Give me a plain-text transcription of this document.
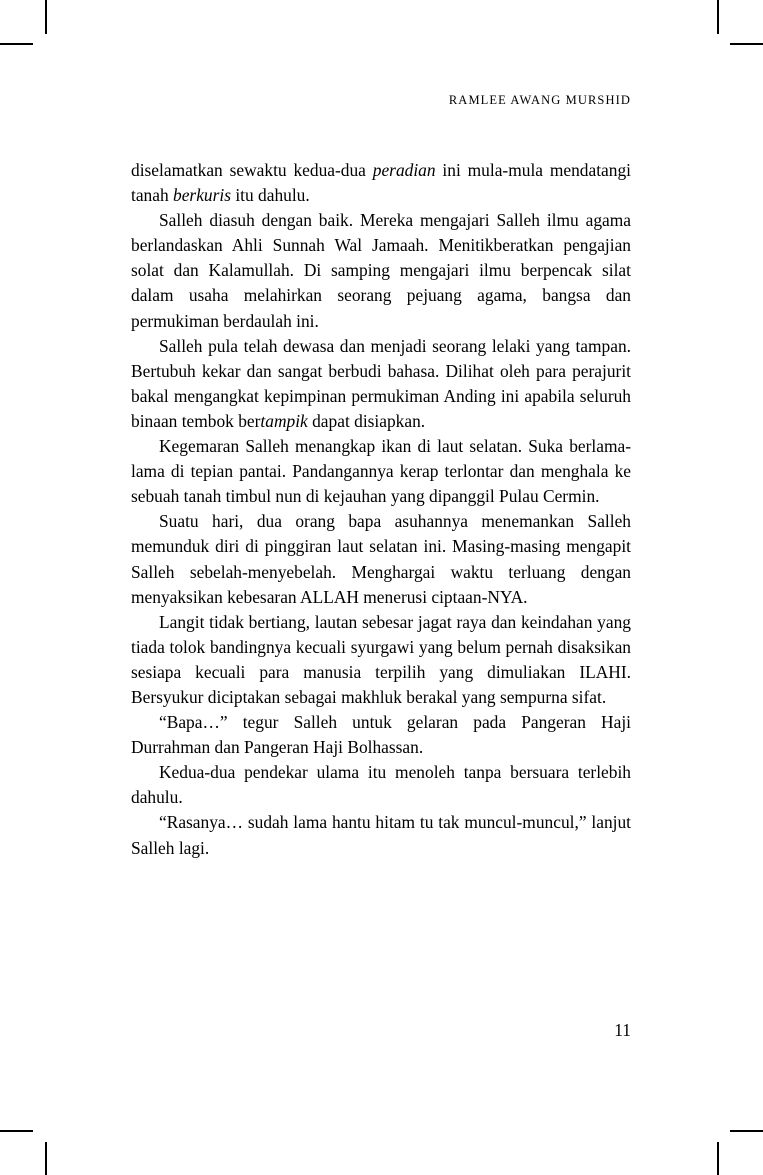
RAMLEE AWANG MURSHID

diselamatkan sewaktu kedua-dua peradian ini mula-mula mendatangi tanah berkuris itu dahulu.

Salleh diasuh dengan baik. Mereka mengajari Salleh ilmu agama berlandaskan Ahli Sunnah Wal Jamaah. Menitikberatkan pengajian solat dan Kalamullah. Di samping mengajari ilmu berpencak silat dalam usaha melahirkan seorang pejuang agama, bangsa dan permukiman berdaulah ini.

Salleh pula telah dewasa dan menjadi seorang lelaki yang tampan. Bertubuh kekar dan sangat berbudi bahasa. Dilihat oleh para perajurit bakal mengangkat kepimpinan permukiman Anding ini apabila seluruh binaan tembok bertampik dapat disiapkan.

Kegemaran Salleh menangkap ikan di laut selatan. Suka berlama-lama di tepian pantai. Pandangannya kerap terlontar dan menghala ke sebuah tanah timbul nun di kejauhan yang dipanggil Pulau Cermin.

Suatu hari, dua orang bapa asuhannya menemankan Salleh memunduk diri di pinggiran laut selatan ini. Masing-masing mengapit Salleh sebelah-menyebelah. Menghargai waktu terluang dengan menyaksikan kebesaran ALLAH menerusi ciptaan-NYA.

Langit tidak bertiang, lautan sebesar jagat raya dan keindahan yang tiada tolok bandingnya kecuali syurgawi yang belum pernah disaksikan sesiapa kecuali para manusia terpilih yang dimuliakan ILAHI. Bersyukur diciptakan sebagai makhluk berakal yang sempurna sifat.

“Bapa…” tegur Salleh untuk gelaran pada Pangeran Haji Durrahman dan Pangeran Haji Bolhassan.

Kedua-dua pendekar ulama itu menoleh tanpa bersuara terlebih dahulu.

“Rasanya… sudah lama hantu hitam tu tak muncul-muncul,” lanjut Salleh lagi.

11
